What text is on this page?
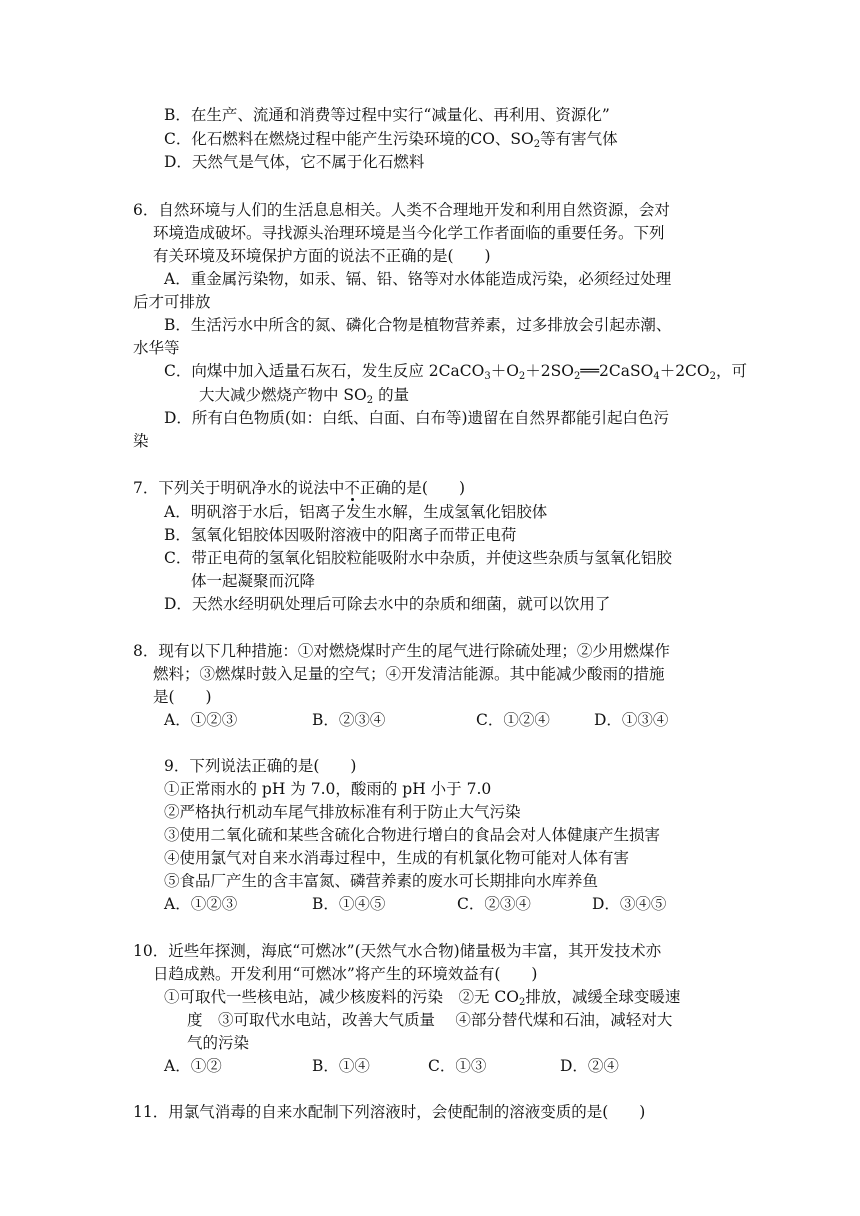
B．在生产、流通和消费等过程中实行“减量化、再利用、资源化”
C．化石燃料在燃烧过程中能产生污染环境的CO、$SO_2$等有害气体
D．天然气是气体，它不属于化石燃料
6．自然环境与人们的生活息息相关。人类不合理地开发和利用自然资源，会对
环境造成破坏。寻找源头治理环境是当今化学工作者面临的重要任务。下列
有关环境及环境保护方面的说法不正确的是(　　)
A．重金属污染物，如汞、镉、铅、铬等对水体能造成污染，必须经过处理
后才可排放
B．生活污水中所含的氮、磷化合物是植物营养素，过多排放会引起赤潮、
水华等
C．向煤中加入适量石灰石，发生反应 $2CaCO_3+O_2+2SO_2══2CaSO_4+2CO_2$，可
大大减少燃烧产物中 $SO_2$ 的量
D．所有白色物质(如：白纸、白面、白布等)遗留在自然界都能引起白色污
染
7．下列关于明矾净水的说法中不正确的是(　　)
A．明矾溶于水后，铝离子发生水解，生成氢氧化铝胶体
B．氢氧化铝胶体因吸附溶液中的阳离子而带正电荷
C．带正电荷的氢氧化铝胶粒能吸附水中杂质，并使这些杂质与氢氧化铝胶
体一起凝聚而沉降
D．天然水经明矾处理后可除去水中的杂质和细菌，就可以饮用了
8．现有以下几种措施：①对燃烧煤时产生的尾气进行除硫处理；②少用燃煤作
燃料；③燃煤时鼓入足量的空气；④开发清洁能源。其中能减少酸雨的措施
是(　　)
A．①②③	B．②③④	C．①②④	D．①③④
9．下列说法正确的是(　　)
①正常雨水的 pH 为 7.0，酸雨的 pH 小于 7.0
②严格执行机动车尾气排放标准有利于防止大气污染
③使用二氧化硫和某些含硫化合物进行增白的食品会对人体健康产生损害
④使用氯气对自来水消毒过程中，生成的有机氯化物可能对人体有害
⑤食品厂产生的含丰富氮、磷营养素的废水可长期排向水库养鱼
A．①②③	B．①④⑤	C．②③④	D．③④⑤
10．近些年探测，海底“可燃冰”(天然气水合物)储量极为丰富，其开发技术亦
日趋成熟。开发利用“可燃冰”将产生的环境效益有(　　)
①可取代一些核电站，减少核废料的污染　②无 $CO_2$排放，减缓全球变暖速
度　③可取代水电站，改善大气质量　 ④部分替代煤和石油，减轻对大
气的污染
A．①②	B．①④	C．①③	D．②④
11．用氯气消毒的自来水配制下列溶液时，会使配制的溶液变质的是(　　)
